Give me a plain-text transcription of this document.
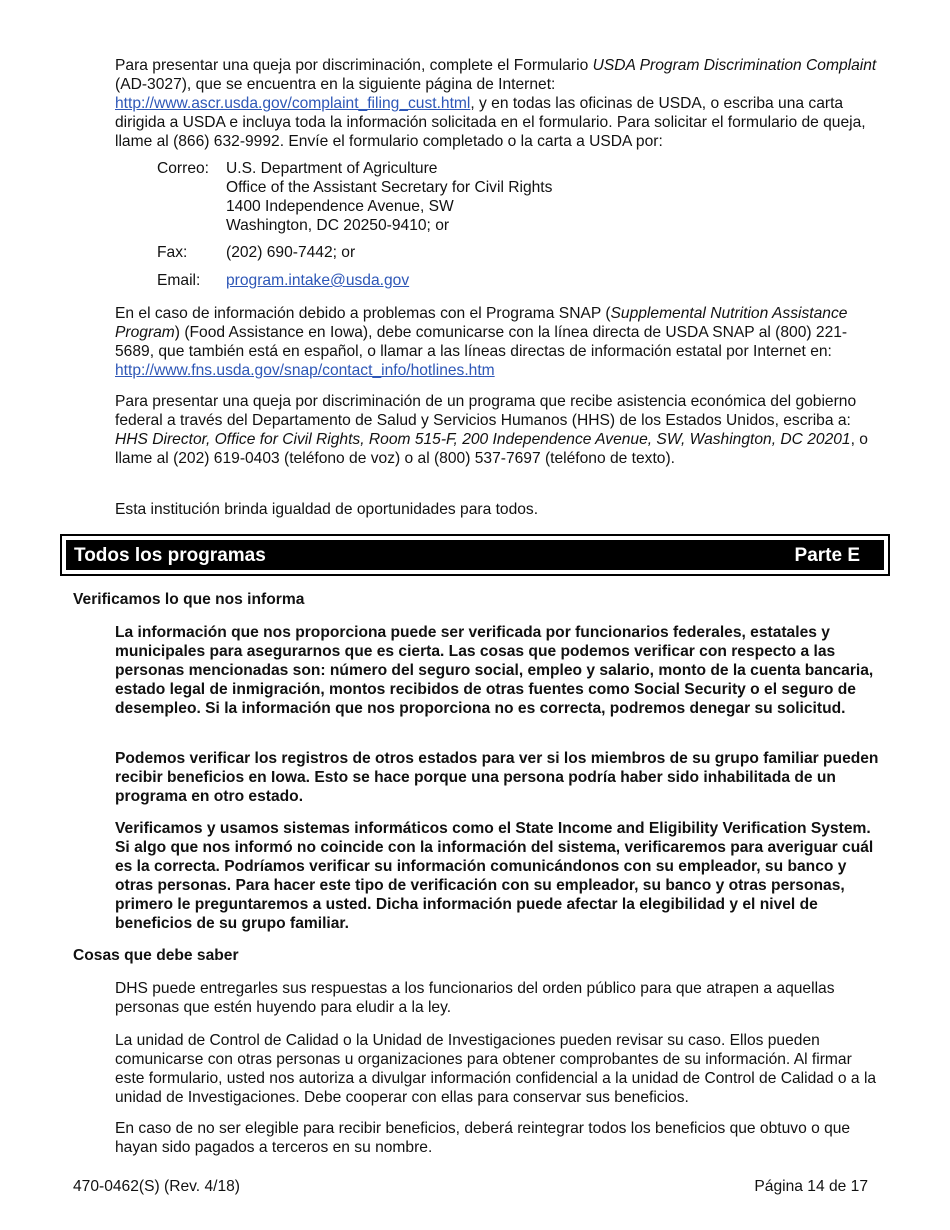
Para presentar una queja por discriminación, complete el Formulario USDA Program Discrimination Complaint (AD-3027), que se encuentra en la siguiente página de Internet: http://www.ascr.usda.gov/complaint_filing_cust.html, y en todas las oficinas de USDA, o escriba una carta dirigida a USDA e incluya toda la información solicitada en el formulario. Para solicitar el formulario de queja, llame al (866) 632-9992. Envíe el formulario completado o la carta a USDA por:

Correo:	U.S. Department of Agriculture
Office of the Assistant Secretary for Civil Rights
1400 Independence Avenue, SW
Washington, DC 20250-9410; or
Fax:	(202) 690-7442; or
Email:	program.intake@usda.gov

En el caso de información debido a problemas con el Programa SNAP (Supplemental Nutrition Assistance Program) (Food Assistance en Iowa), debe comunicarse con la línea directa de USDA SNAP al (800) 221-5689, que también está en español, o llamar a las líneas directas de información estatal por Internet en: http://www.fns.usda.gov/snap/contact_info/hotlines.htm

Para presentar una queja por discriminación de un programa que recibe asistencia económica del gobierno federal a través del Departamento de Salud y Servicios Humanos (HHS) de los Estados Unidos, escriba a: HHS Director, Office for Civil Rights, Room 515-F, 200 Independence Avenue, SW, Washington, DC 20201, o llame al (202) 619-0403 (teléfono de voz) o al (800) 537-7697 (teléfono de texto).

Esta institución brinda igualdad de oportunidades para todos.

Todos los programas	Parte E
Verificamos lo que nos informa

La información que nos proporciona puede ser verificada por funcionarios federales, estatales y municipales para asegurarnos que es cierta. Las cosas que podemos verificar con respecto a las personas mencionadas son: número del seguro social, empleo y salario, monto de la cuenta bancaria, estado legal de inmigración, montos recibidos de otras fuentes como Social Security o el seguro de desempleo. Si la información que nos proporciona no es correcta, podremos denegar su solicitud.

Podemos verificar los registros de otros estados para ver si los miembros de su grupo familiar pueden recibir beneficios en Iowa. Esto se hace porque una persona podría haber sido inhabilitada de un programa en otro estado.

Verificamos y usamos sistemas informáticos como el State Income and Eligibility Verification System. Si algo que nos informó no coincide con la información del sistema, verificaremos para averiguar cuál es la correcta. Podríamos verificar su información comunicándonos con su empleador, su banco y otras personas. Para hacer este tipo de verificación con su empleador, su banco y otras personas, primero le preguntaremos a usted. Dicha información puede afectar la elegibilidad y el nivel de beneficios de su grupo familiar.

Cosas que debe saber

DHS puede entregarles sus respuestas a los funcionarios del orden público para que atrapen a aquellas personas que estén huyendo para eludir a la ley.

La unidad de Control de Calidad o la Unidad de Investigaciones pueden revisar su caso. Ellos pueden comunicarse con otras personas u organizaciones para obtener comprobantes de su información. Al firmar este formulario, usted nos autoriza a divulgar información confidencial a la unidad de Control de Calidad o a la unidad de Investigaciones. Debe cooperar con ellas para conservar sus beneficios.

En caso de no ser elegible para recibir beneficios, deberá reintegrar todos los beneficios que obtuvo o que hayan sido pagados a terceros en su nombre.

470-0462(S) (Rev. 4/18)	Página 14 de 17
